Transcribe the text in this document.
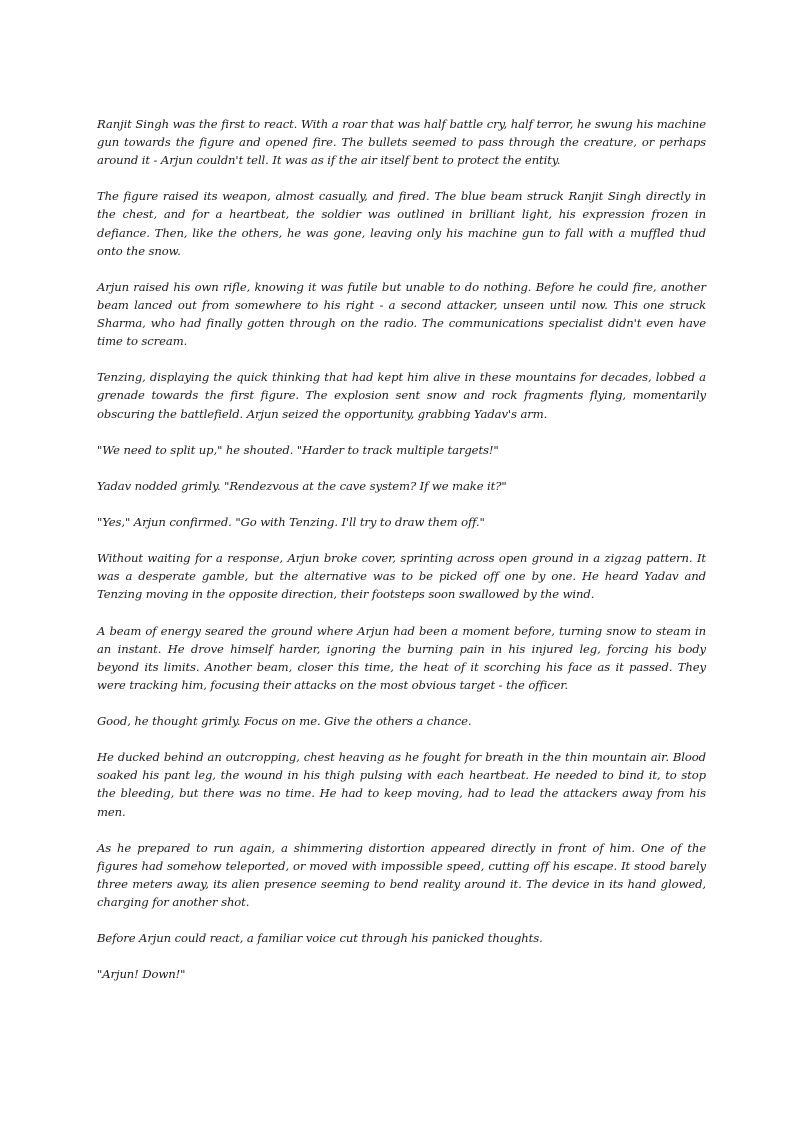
Ranjit Singh was the first to react. With a roar that was half battle cry, half terror, he swung his machine gun towards the figure and opened fire. The bullets seemed to pass through the creature, or perhaps around it - Arjun couldn't tell. It was as if the air itself bent to protect the entity.

The figure raised its weapon, almost casually, and fired. The blue beam struck Ranjit Singh directly in the chest, and for a heartbeat, the soldier was outlined in brilliant light, his expression frozen in defiance. Then, like the others, he was gone, leaving only his machine gun to fall with a muffled thud onto the snow.

Arjun raised his own rifle, knowing it was futile but unable to do nothing. Before he could fire, another beam lanced out from somewhere to his right - a second attacker, unseen until now. This one struck Sharma, who had finally gotten through on the radio. The communications specialist didn't even have time to scream.

Tenzing, displaying the quick thinking that had kept him alive in these mountains for decades, lobbed a grenade towards the first figure. The explosion sent snow and rock fragments flying, momentarily obscuring the battlefield. Arjun seized the opportunity, grabbing Yadav's arm.

"We need to split up," he shouted. "Harder to track multiple targets!"

Yadav nodded grimly. "Rendezvous at the cave system? If we make it?"

"Yes," Arjun confirmed. "Go with Tenzing. I'll try to draw them off."

Without waiting for a response, Arjun broke cover, sprinting across open ground in a zigzag pattern. It was a desperate gamble, but the alternative was to be picked off one by one. He heard Yadav and Tenzing moving in the opposite direction, their footsteps soon swallowed by the wind.

A beam of energy seared the ground where Arjun had been a moment before, turning snow to steam in an instant. He drove himself harder, ignoring the burning pain in his injured leg, forcing his body beyond its limits. Another beam, closer this time, the heat of it scorching his face as it passed. They were tracking him, focusing their attacks on the most obvious target - the officer.

Good, he thought grimly. Focus on me. Give the others a chance.

He ducked behind an outcropping, chest heaving as he fought for breath in the thin mountain air. Blood soaked his pant leg, the wound in his thigh pulsing with each heartbeat. He needed to bind it, to stop the bleeding, but there was no time. He had to keep moving, had to lead the attackers away from his men.

As he prepared to run again, a shimmering distortion appeared directly in front of him. One of the figures had somehow teleported, or moved with impossible speed, cutting off his escape. It stood barely three meters away, its alien presence seeming to bend reality around it. The device in its hand glowed, charging for another shot.

Before Arjun could react, a familiar voice cut through his panicked thoughts.

"Arjun! Down!"
